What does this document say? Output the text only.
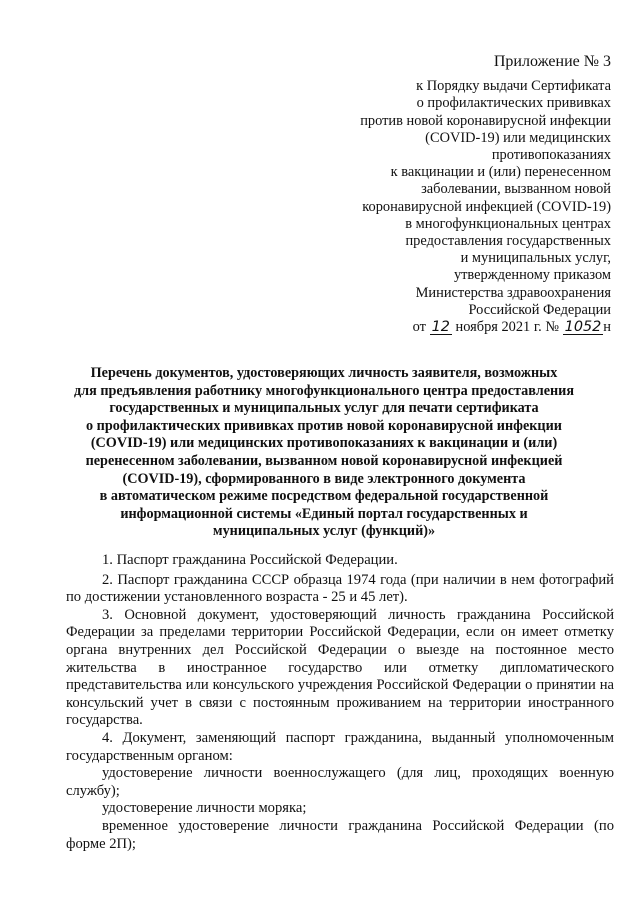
Приложение № 3
к Порядку выдачи Сертификата
о профилактических прививках
против новой коронавирусной инфекции
(COVID-19) или медицинских
противопоказаниях
к вакцинации и (или) перенесенном
заболевании, вызванном новой
коронавирусной инфекцией (COVID-19)
в многофункциональных центрах
предоставления государственных
и муниципальных услуг,
утвержденному приказом
Министерства здравоохранения
Российской Федерации
от 12 ноября 2021 г. № 1052 н
Перечень документов, удостоверяющих личность заявителя, возможных
для предъявления работнику многофункционального центра предоставления
государственных и муниципальных услуг для печати сертификата
о профилактических прививках против новой коронавирусной инфекции
(COVID-19) или медицинских противопоказаниях к вакцинации и (или)
перенесенном заболевании, вызванном новой коронавирусной инфекцией
(COVID-19), сформированного в виде электронного документа
в автоматическом режиме посредством федеральной государственной
информационной системы «Единый портал государственных и
муниципальных услуг (функций)»

1. Паспорт гражданина Российской Федерации.

2. Паспорт гражданина СССР образца 1974 года (при наличии в нем фотографий по достижении установленного возраста - 25 и 45 лет).

3. Основной документ, удостоверяющий личность гражданина Российской Федерации за пределами территории Российской Федерации, если он имеет отметку органа внутренних дел Российской Федерации о выезде на постоянное место жительства в иностранное государство или отметку дипломатического представительства или консульского учреждения Российской Федерации о принятии на консульский учет в связи с постоянным проживанием на территории иностранного государства.

4. Документ, заменяющий паспорт гражданина, выданный уполномоченным государственным органом:

удостоверение личности военнослужащего (для лиц, проходящих военную службу);

удостоверение личности моряка;

временное удостоверение личности гражданина Российской Федерации (по форме 2П);
